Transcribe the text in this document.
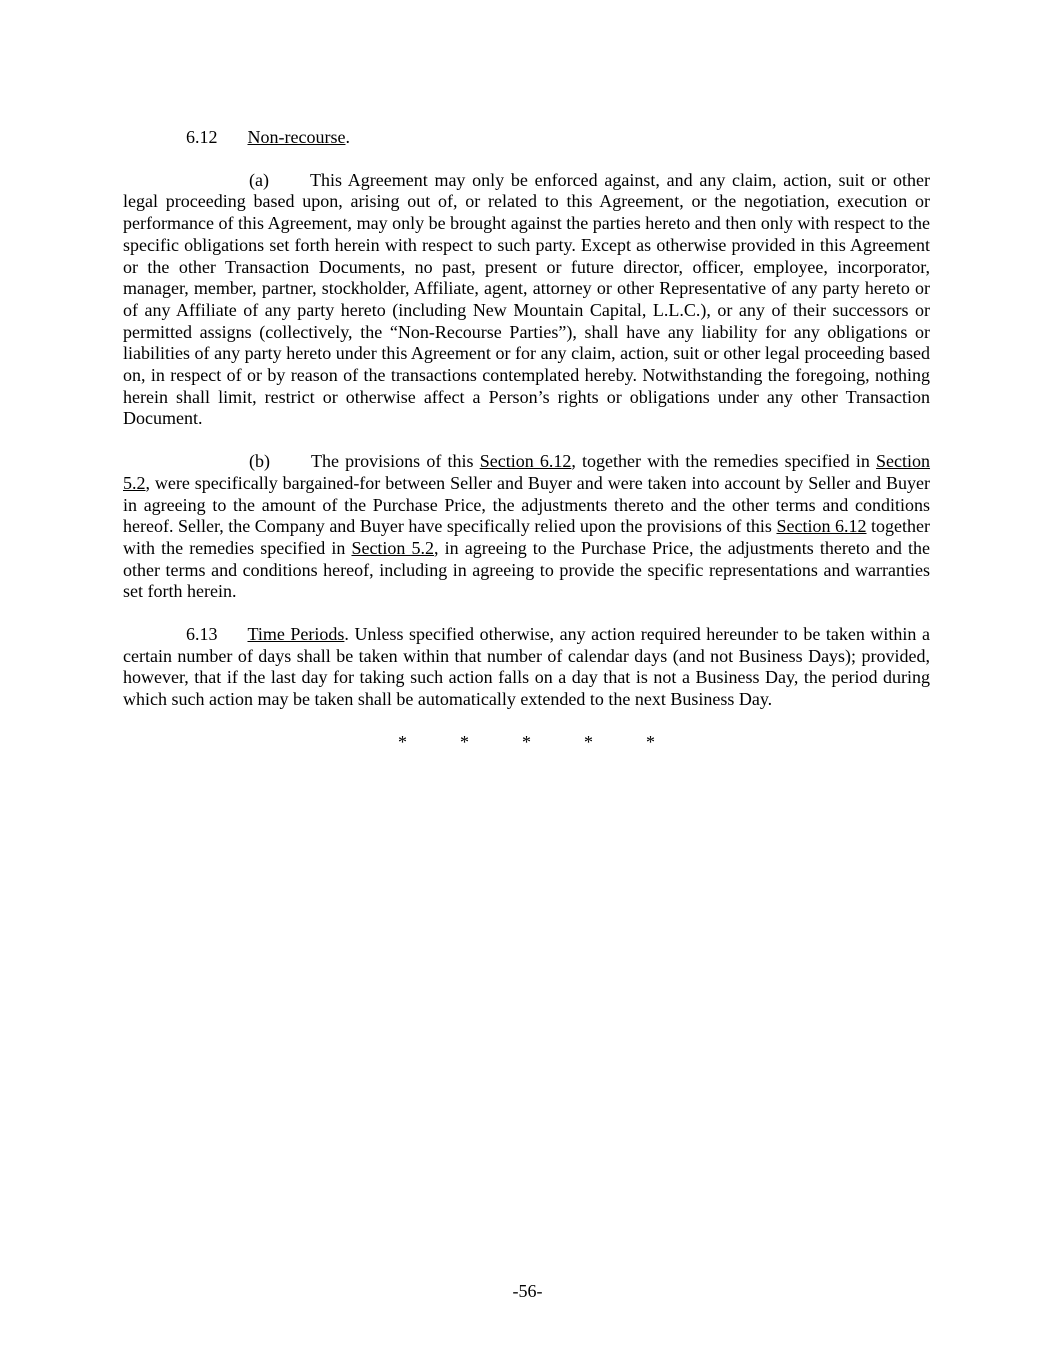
6.12 Non-recourse.

(a) This Agreement may only be enforced against, and any claim, action, suit or other legal proceeding based upon, arising out of, or related to this Agreement, or the negotiation, execution or performance of this Agreement, may only be brought against the parties hereto and then only with respect to the specific obligations set forth herein with respect to such party. Except as otherwise provided in this Agreement or the other Transaction Documents, no past, present or future director, officer, employee, incorporator, manager, member, partner, stockholder, Affiliate, agent, attorney or other Representative of any party hereto or of any Affiliate of any party hereto (including New Mountain Capital, L.L.C.), or any of their successors or permitted assigns (collectively, the “Non-Recourse Parties”), shall have any liability for any obligations or liabilities of any party hereto under this Agreement or for any claim, action, suit or other legal proceeding based on, in respect of or by reason of the transactions contemplated hereby. Notwithstanding the foregoing, nothing herein shall limit, restrict or otherwise affect a Person’s rights or obligations under any other Transaction Document.

(b) The provisions of this Section 6.12, together with the remedies specified in Section 5.2, were specifically bargained-for between Seller and Buyer and were taken into account by Seller and Buyer in agreeing to the amount of the Purchase Price, the adjustments thereto and the other terms and conditions hereof. Seller, the Company and Buyer have specifically relied upon the provisions of this Section 6.12 together with the remedies specified in Section 5.2, in agreeing to the Purchase Price, the adjustments thereto and the other terms and conditions hereof, including in agreeing to provide the specific representations and warranties set forth herein.

6.13 Time Periods. Unless specified otherwise, any action required hereunder to be taken within a certain number of days shall be taken within that number of calendar days (and not Business Days); provided, however, that if the last day for taking such action falls on a day that is not a Business Day, the period during which such action may be taken shall be automatically extended to the next Business Day.

*	*	*	*	*
-56-
